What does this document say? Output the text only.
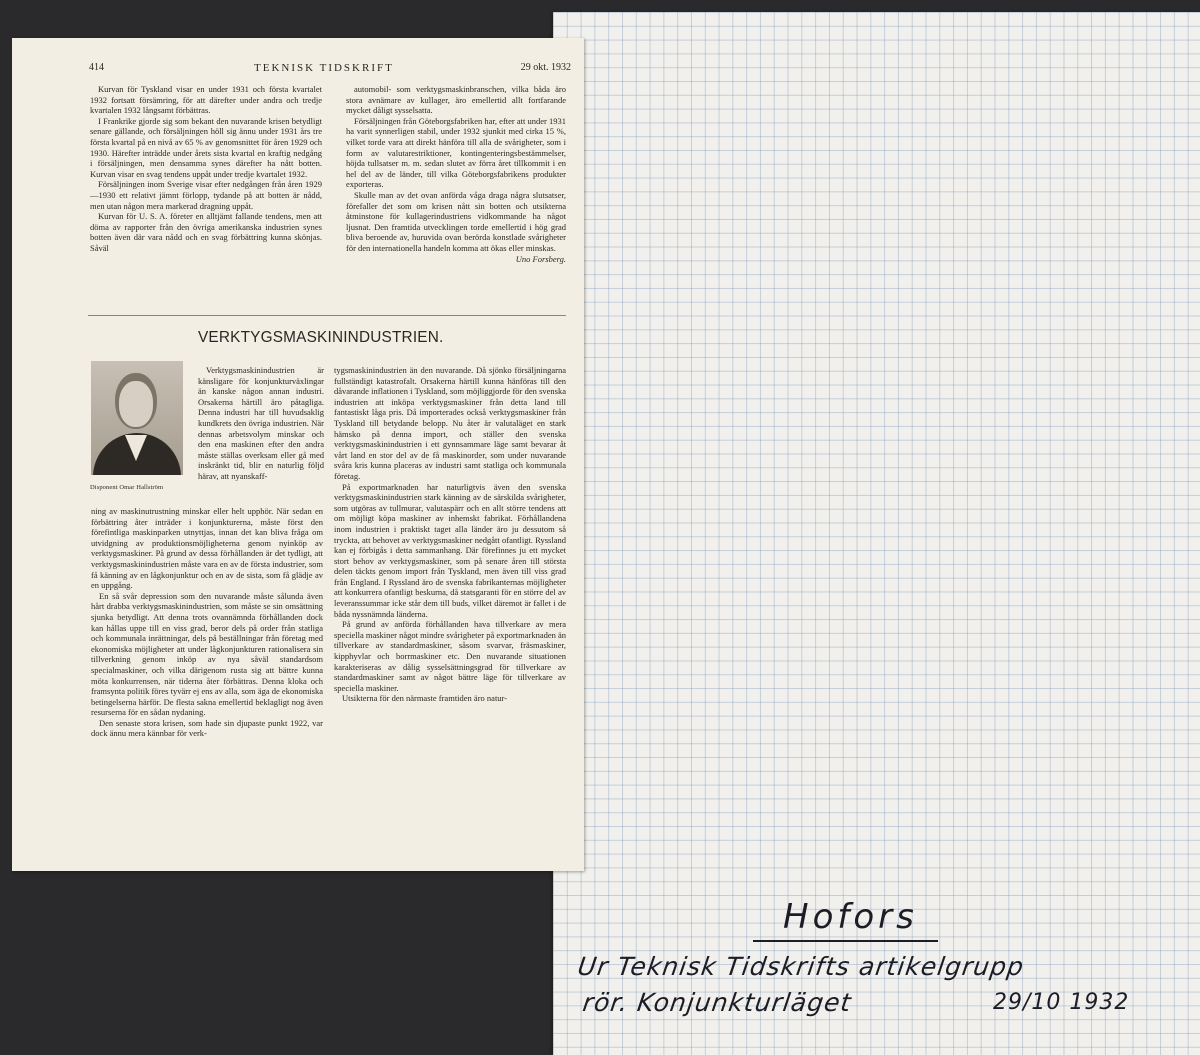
Hofors

Ur Teknisk Tidskrifts artikelgrupp

rör. Konjunkturläget	29/10 1932

414	TEKNISK TIDSKRIFT	29 okt. 1932

Kurvan för Tyskland visar en under 1931 och första kvartalet 1932 fortsatt försämring, för att därefter under andra och tredje kvartalen 1932 långsamt förbättras.

I Frankrike gjorde sig som bekant den nuvarande krisen betydligt senare gällande, och försäljningen höll sig ännu under 1931 års tre första kvartal på en nivå av 65 % av genomsnittet för åren 1929 och 1930. Härefter inträdde under årets sista kvartal en kraftig nedgång i försäljningen, men densamma synes därefter ha nått botten. Kurvan visar en svag tendens uppåt under tredje kvartalet 1932.

Försäljningen inom Sverige visar efter nedgången från åren 1929—1930 ett relativt jämnt förlopp, tydande på att botten är nådd, men utan någon mera markerad dragning uppåt.

Kurvan för U. S. A. företer en alltjämt fallande tendens, men att döma av rapporter från den övriga amerikanska industrien synes botten även där vara nådd och en svag förbättring kunna skönjas. Såväl

automobil- som verktygsmaskinbranschen, vilka båda äro stora avnämare av kullager, äro emellertid allt fortfarande mycket dåligt sysselsatta.

Försäljningen från Göteborgsfabriken har, efter att under 1931 ha varit synnerligen stabil, under 1932 sjunkit med cirka 15 %, vilket torde vara att direkt hänföra till alla de svårigheter, som i form av valutarestriktioner, kontingenteringsbestämmelser, höjda tullsatser m. m. sedan slutet av förra året tillkommit i en hel del av de länder, till vilka Göteborgsfabrikens produkter exporteras.

Skulle man av det ovan anförda våga draga några slutsatser, förefaller det som om krisen nått sin botten och utsikterna åtminstone för kullagerindustriens vidkommande ha något ljusnat. Den framtida utvecklingen torde emellertid i hög grad bliva beroende av, huruvida ovan berörda konstlade svårigheter för den internationella handeln komma att ökas eller minskas.

Uno Forsberg.

VERKTYGSMASKININDUSTRIEN.
Disponent Omar Hallström

Verktygsmaskinindustrien är känsligare för konjunkturväxlingar än kanske någon annan industri. Orsakerna härtill äro påtagliga. Denna industri har till huvudsaklig kundkrets den övriga industrien. När dennas arbetsvolym minskar och den ena maskinen efter den andra måste ställas overksam eller gå med inskränkt tid, blir en naturlig följd härav, att nyanskaff-

ning av maskinutrustning minskar eller helt upphör. När sedan en förbättring åter inträder i konjunkturerna, måste först den förefintliga maskinparken utnyttjas, innan det kan bliva fråga om utvidgning av produktionsmöjligheterna genom nyinköp av verktygsmaskiner. På grund av dessa förhållanden är det tydligt, att verktygsmaskinindustrien måste vara en av de första industrier, som få känning av en lågkonjunktur och en av de sista, som få glädje av en uppgång.

En så svår depression som den nuvarande måste sålunda även hårt drabba verktygsmaskinindustrien, som måste se sin omsättning sjunka betydligt. Att denna trots ovannämnda förhållanden dock kan hållas uppe till en viss grad, beror dels på order från statliga och kommunala inrättningar, dels på beställningar från företag med ekonomiska möjligheter att under lågkonjunkturen rationalisera sin tillverkning genom inköp av nya såväl standardsom specialmaskiner, och vilka därigenom rusta sig att bättre kunna möta konkurrensen, när tiderna åter förbättras. Denna kloka och framsynta politik föres tyvärr ej ens av alla, som äga de ekonomiska betingelserna härför. De flesta sakna emellertid beklagligt nog även resurserna för en sådan nydaning.

Den senaste stora krisen, som hade sin djupaste punkt 1922, var dock ännu mera kännbar för verk-

tygsmaskinindustrien än den nuvarande. Då sjönko försäljningarna fullständigt katastrofalt. Orsakerna härtill kunna hänföras till den dåvarande inflationen i Tyskland, som möjliggjorde för den svenska industrien att inköpa verktygsmaskiner från detta land till fantastiskt låga pris. Då importerades också verktygsmaskiner från Tyskland till betydande belopp. Nu åter är valutaläget en stark hämsko på denna import, och ställer den svenska verktygsmaskinindustrien i ett gynnsammare läge samt bevarar åt vårt land en stor del av de få maskinorder, som under nuvarande svåra kris kunna placeras av industri samt statliga och kommunala företag.

På exportmarknaden har naturligtvis även den svenska verktygsmaskinindustrien stark känning av de särskilda svårigheter, som utgöras av tullmurar, valutaspärr och en allt större tendens att om möjligt köpa maskiner av inhemskt fabrikat. Förhållandena inom industrien i praktiskt taget alla länder äro ju dessutom så tryckta, att behovet av verktygsmaskiner nedgått ofantligt. Ryssland kan ej förbigås i detta sammanhang. Där förefinnes ju ett mycket stort behov av verktygsmaskiner, som på senare åren till största delen täckts genom import från Tyskland, men även till viss grad från England. I Ryssland äro de svenska fabrikanternas möjligheter att konkurrera ofantligt beskurna, då statsgaranti för en större del av leveranssummar icke står dem till buds, vilket däremot är fallet i de båda nyssnämnda länderna.

På grund av anförda förhållanden hava tillverkare av mera speciella maskiner något mindre svårigheter på exportmarknaden än tillverkare av standardmaskiner, såsom svarvar, fräsmaskiner, kipphyvlar och borrmaskiner etc. Den nuvarande situationen karakteriseras av dålig sysselsättningsgrad för tillverkare av standardmaskiner samt av något bättre läge för tillverkare av speciella maskiner.

Utsikterna för den närmaste framtiden äro natur-
